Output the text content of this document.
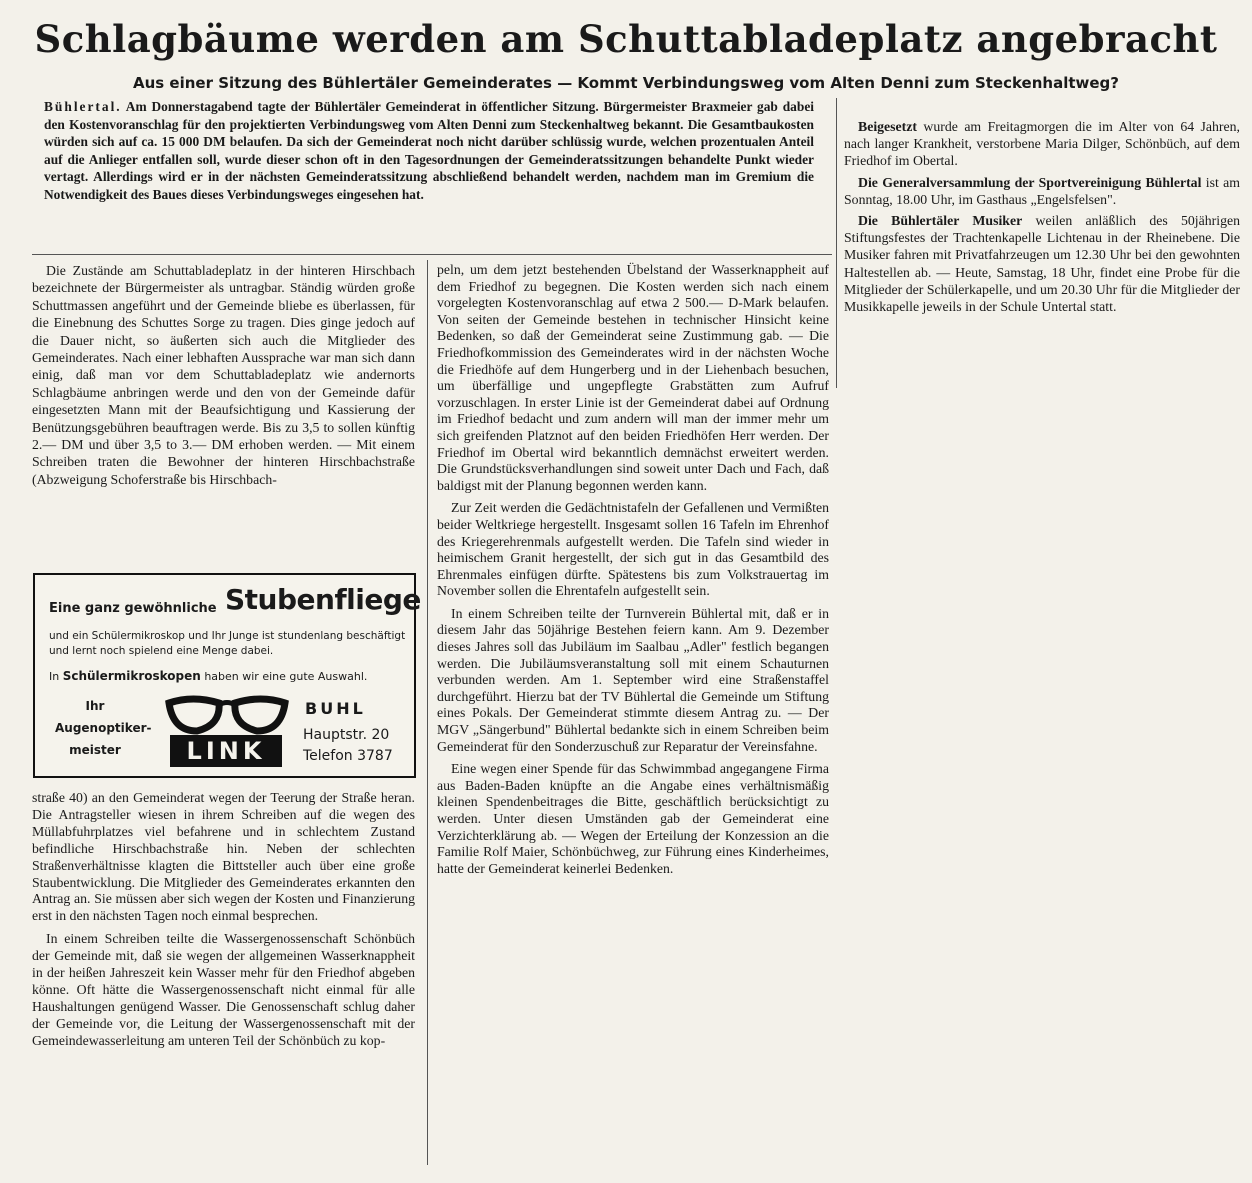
Schlagbäume werden am Schuttabladeplatz angebracht
Aus einer Sitzung des Bühlertäler Gemeinderates — Kommt Verbindungsweg vom Alten Denni zum Steckenhaltweg?
Bühlertal. Am Donnerstagabend tagte der Bühlertäler Gemeinderat in öffentlicher Sitzung. Bürgermeister Braxmeier gab dabei den Kostenvoranschlag für den projektierten Verbindungsweg vom Alten Denni zum Steckenhaltweg bekannt. Die Gesamtbaukosten würden sich auf ca. 15 000 DM belaufen. Da sich der Gemeinderat noch nicht darüber schlüssig wurde, welchen prozentualen Anteil auf die Anlieger entfallen soll, wurde dieser schon oft in den Tagesordnungen der Gemeinderatssitzungen behandelte Punkt wieder vertagt. Allerdings wird er in der nächsten Gemeinderatssitzung abschließend behandelt werden, nachdem man im Gremium die Notwendigkeit des Baues dieses Verbindungsweges eingesehen hat.

Die Zustände am Schuttabladeplatz in der hinteren Hirschbach bezeichnete der Bürgermeister als untragbar. Ständig würden große Schuttmassen angeführt und der Gemeinde bliebe es überlassen, für die Einebnung des Schuttes Sorge zu tragen. Dies ginge jedoch auf die Dauer nicht, so äußerten sich auch die Mitglieder des Gemeinderates. Nach einer lebhaften Aussprache war man sich dann einig, daß man vor dem Schuttabladeplatz wie andernorts Schlagbäume anbringen werde und den von der Gemeinde dafür eingesetzten Mann mit der Beaufsichtigung und Kassierung der Benützungsgebühren beauftragen werde. Bis zu 3,5 to sollen künftig 2.— DM und über 3,5 to 3.— DM erhoben werden. — Mit einem Schreiben traten die Bewohner der hinteren Hirschbachstraße (Abzweigung Schoferstraße bis Hirschbach-

Eine ganz gewöhnliche Stubenfliege
und ein Schülermikroskop und Ihr Junge ist stundenlang beschäftigt und lernt noch spielend eine Menge dabei.
In Schülermikroskopen haben wir eine gute Auswahl.
Ihr
Augenoptiker-meister	LINK
BUHL
Hauptstr. 20
Telefon 3787

straße 40) an den Gemeinderat wegen der Teerung der Straße heran. Die Antragsteller wiesen in ihrem Schreiben auf die wegen des Müllabfuhrplatzes viel befahrene und in schlechtem Zustand befindliche Hirschbachstraße hin. Neben der schlechten Straßenverhältnisse klagten die Bittsteller auch über eine große Staubentwicklung. Die Mitglieder des Gemeinderates erkannten den Antrag an. Sie müssen aber sich wegen der Kosten und Finanzierung erst in den nächsten Tagen noch einmal besprechen.

In einem Schreiben teilte die Wassergenossenschaft Schönbüch der Gemeinde mit, daß sie wegen der allgemeinen Wasserknappheit in der heißen Jahreszeit kein Wasser mehr für den Friedhof abgeben könne. Oft hätte die Wassergenossenschaft nicht einmal für alle Haushaltungen genügend Wasser. Die Genossenschaft schlug daher der Gemeinde vor, die Leitung der Wassergenossenschaft mit der Gemeindewasserleitung am unteren Teil der Schönbüch zu kop-

peln, um dem jetzt bestehenden Übelstand der Wasserknappheit auf dem Friedhof zu begegnen. Die Kosten werden sich nach einem vorgelegten Kostenvoranschlag auf etwa 2 500.— D-Mark belaufen. Von seiten der Gemeinde bestehen in technischer Hinsicht keine Bedenken, so daß der Gemeinderat seine Zustimmung gab. — Die Friedhofkommission des Gemeinderates wird in der nächsten Woche die Friedhöfe auf dem Hungerberg und in der Liehenbach besuchen, um überfällige und ungepflegte Grabstätten zum Aufruf vorzuschlagen. In erster Linie ist der Gemeinderat dabei auf Ordnung im Friedhof bedacht und zum andern will man der immer mehr um sich greifenden Platznot auf den beiden Friedhöfen Herr werden. Der Friedhof im Obertal wird bekanntlich demnächst erweitert werden. Die Grundstücksverhandlungen sind soweit unter Dach und Fach, daß baldigst mit der Planung begonnen werden kann.

Zur Zeit werden die Gedächtnistafeln der Gefallenen und Vermißten beider Weltkriege hergestellt. Insgesamt sollen 16 Tafeln im Ehrenhof des Kriegerehrenmals aufgestellt werden. Die Tafeln sind wieder in heimischem Granit hergestellt, der sich gut in das Gesamtbild des Ehrenmales einfügen dürfte. Spätestens bis zum Volkstrauertag im November sollen die Ehrentafeln aufgestellt sein.

In einem Schreiben teilte der Turnverein Bühlertal mit, daß er in diesem Jahr das 50jährige Bestehen feiern kann. Am 9. Dezember dieses Jahres soll das Jubiläum im Saalbau „Adler" festlich begangen werden. Die Jubiläumsveranstaltung soll mit einem Schauturnen verbunden werden. Am 1. September wird eine Straßenstaffel durchgeführt. Hierzu bat der TV Bühlertal die Gemeinde um Stiftung eines Pokals. Der Gemeinderat stimmte diesem Antrag zu. — Der MGV „Sängerbund" Bühlertal bedankte sich in einem Schreiben beim Gemeinderat für den Sonderzuschuß zur Reparatur der Vereinsfahne.

Eine wegen einer Spende für das Schwimmbad angegangene Firma aus Baden-Baden knüpfte an die Angabe eines verhältnismäßig kleinen Spendenbeitrages die Bitte, geschäftlich berücksichtigt zu werden. Unter diesen Umständen gab der Gemeinderat eine Verzichterklärung ab. — Wegen der Erteilung der Konzession an die Familie Rolf Maier, Schönbüchweg, zur Führung eines Kinderheimes, hatte der Gemeinderat keinerlei Bedenken.

Beigesetzt wurde am Freitagmorgen die im Alter von 64 Jahren, nach langer Krankheit, verstorbene Maria Dilger, Schönbüch, auf dem Friedhof im Obertal.

Die Generalversammlung der Sportvereinigung Bühlertal ist am Sonntag, 18.00 Uhr, im Gasthaus „Engelsfelsen".

Die Bühlertäler Musiker weilen anläßlich des 50jährigen Stiftungsfestes der Trachtenkapelle Lichtenau in der Rheinebene. Die Musiker fahren mit Privatfahrzeugen um 12.30 Uhr bei den gewohnten Haltestellen ab. — Heute, Samstag, 18 Uhr, findet eine Probe für die Mitglieder der Schülerkapelle, und um 20.30 Uhr für die Mitglieder der Musikkapelle jeweils in der Schule Untertal statt.
